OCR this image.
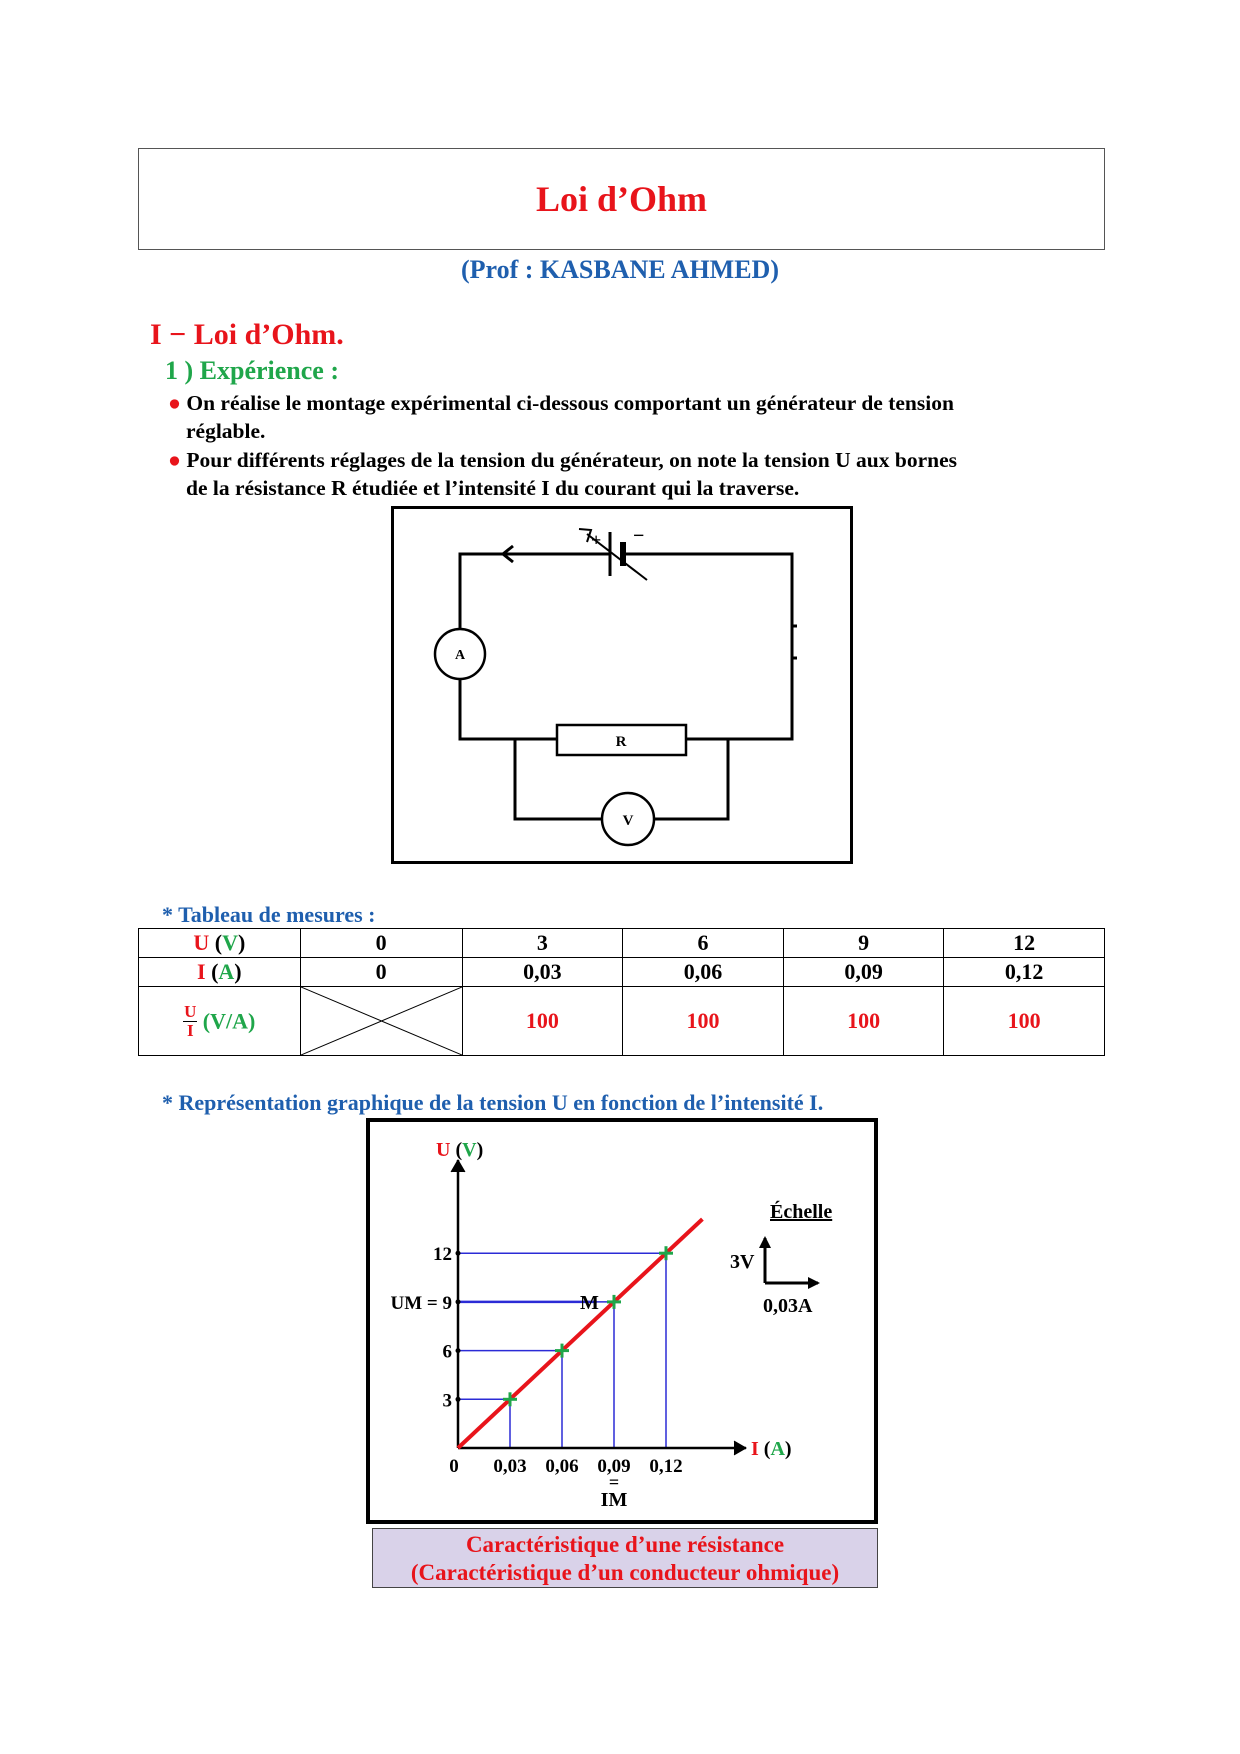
Loi d’Ohm
(Prof : KASBANE AHMED)
I − Loi d’Ohm.
1 ) Expérience :
● On réalise le montage expérimental ci-dessous comportant un générateur de tension
réglable.
● Pour différents réglages de la tension du générateur, on note la tension U aux bornes
de la résistance R étudiée et l’intensité I du courant qui la traverse.
+ −
A
R
V
* Tableau de mesures :
U (V)	0	3	6	9	12
I (A)	0	0,03	0,06	0,09	0,12

$\frac{U}{I} (V/A)$		100	100	100	100
* Représentation graphique de la tension U en fonction de l’intensité I.
U (V)
I (A)
0 0,03 0,06 0,09 0,12
3
6
UM = 9
12
M
=
IM
Échelle
3V
0,03A
Caractéristique d’une résistance
(Caractéristique d’un conducteur ohmique)
